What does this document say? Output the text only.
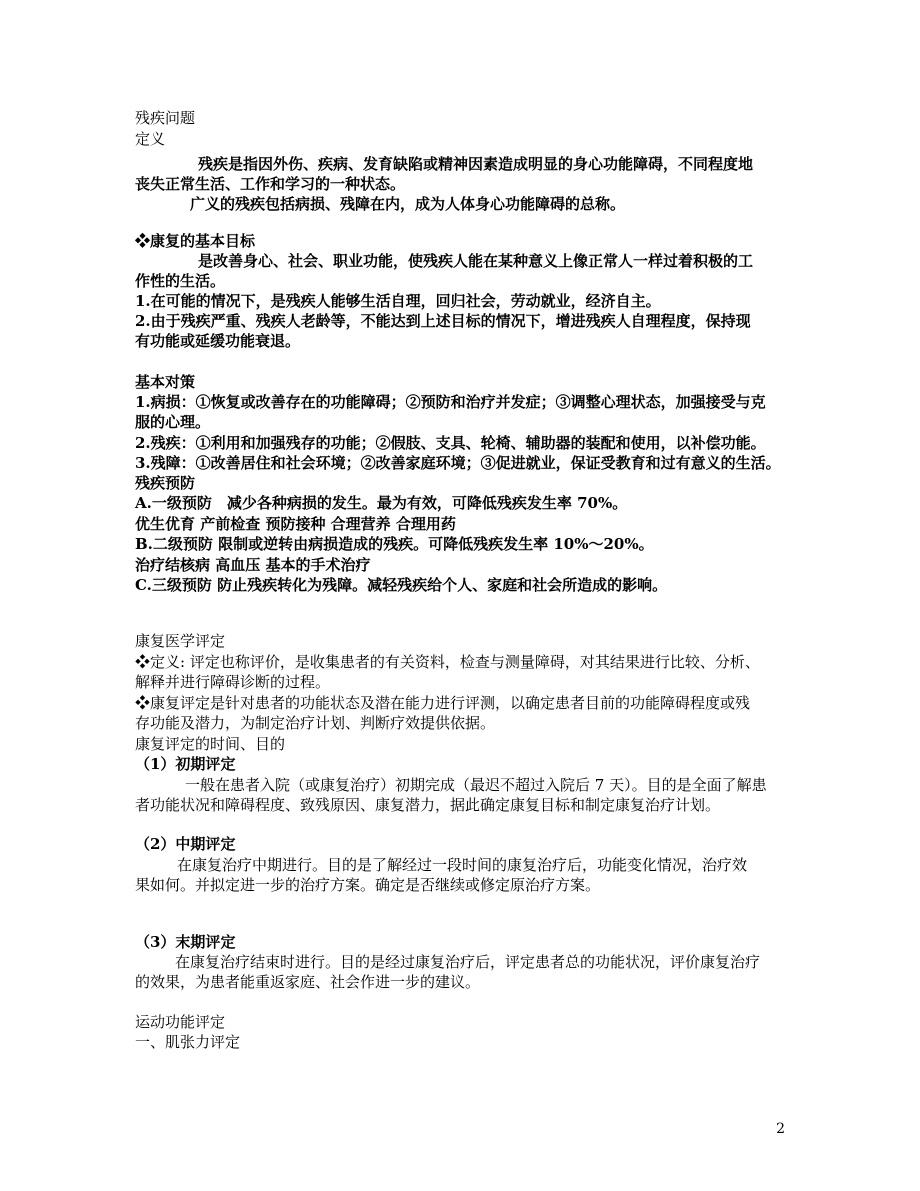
残疾问题
定义
残疾是指因外伤、疾病、发育缺陷或精神因素造成明显的身心功能障碍，不同程度地
丧失正常生活、工作和学习的一种状态。
广义的残疾包括病损、残障在内，成为人体身心功能障碍的总称。
❖康复的基本目标
是改善身心、社会、职业功能，使残疾人能在某种意义上像正常人一样过着积极的工
作性的生活。
1.在可能的情况下，是残疾人能够生活自理，回归社会，劳动就业，经济自主。
2.由于残疾严重、残疾人老龄等，不能达到上述目标的情况下，增进残疾人自理程度，保持现
有功能或延缓功能衰退。
基本对策
1.病损：①恢复或改善存在的功能障碍；②预防和治疗并发症；③调整心理状态，加强接受与克
服的心理。
2.残疾：①利用和加强残存的功能；②假肢、支具、轮椅、辅助器的装配和使用，以补偿功能。
3.残障：①改善居住和社会环境；②改善家庭环境；③促进就业，保证受教育和过有意义的生活。
残疾预防
A.一级预防　减少各种病损的发生。最为有效，可降低残疾发生率 70%。
优生优育 产前检查 预防接种 合理营养 合理用药
B.二级预防 限制或逆转由病损造成的残疾。可降低残疾发生率 10%～20%。
治疗结核病 高血压 基本的手术治疗
C.三级预防 防止残疾转化为残障。减轻残疾给个人、家庭和社会所造成的影响。
康复医学评定
❖定义: 评定也称评价，是收集患者的有关资料，检查与测量障碍，对其结果进行比较、分析、
解释并进行障碍诊断的过程。
❖康复评定是针对患者的功能状态及潜在能力进行评测，以确定患者目前的功能障碍程度或残
存功能及潜力，为制定治疗计划、判断疗效提供依据。
康复评定的时间、目的
（1）初期评定
一般在患者入院（或康复治疗）初期完成（最迟不超过入院后 7 天）。目的是全面了解患
者功能状况和障碍程度、致残原因、康复潜力，据此确定康复目标和制定康复治疗计划。
（2）中期评定
在康复治疗中期进行。目的是了解经过一段时间的康复治疗后，功能变化情况，治疗效
果如何。并拟定进一步的治疗方案。确定是否继续或修定原治疗方案。
（3）末期评定
在康复治疗结束时进行。目的是经过康复治疗后，评定患者总的功能状况，评价康复治疗
的效果，为患者能重返家庭、社会作进一步的建议。
运动功能评定
一、肌张力评定
2
